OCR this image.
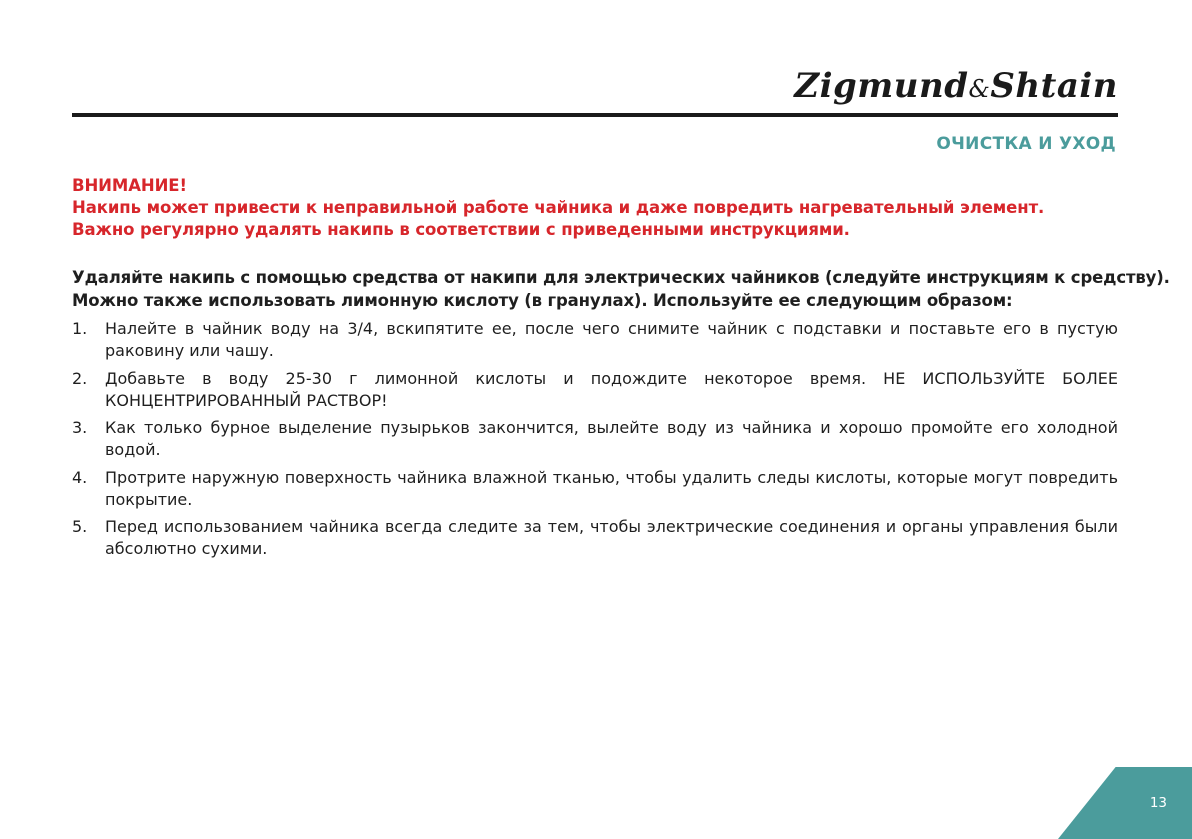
Zigmund&Shtain
ОЧИСТКА И УХОД
ВНИМАНИЕ!
Накипь может привести к неправильной работе чайника и даже повредить нагревательный элемент.
Важно регулярно удалять накипь в соответствии с приведенными инструкциями.
Удаляйте накипь с помощью средства от накипи для электрических чайников (следуйте инструкциям к средству).
Можно также использовать лимонную кислоту (в гранулах). Используйте ее следующим образом:
1. Налейте в чайник воду на 3/4, вскипятите ее, после чего снимите чайник с подставки и поставьте его в пустую раковину или чашу.
2. Добавьте в воду 25-30 г лимонной кислоты и подождите некоторое время. НЕ ИСПОЛЬЗУЙТЕ БОЛЕЕ КОНЦЕНТРИРОВАННЫЙ РАСТВОР!
3. Как только бурное выделение пузырьков закончится, вылейте воду из чайника и хорошо промойте его холодной водой.
4. Протрите наружную поверхность чайника влажной тканью, чтобы удалить следы кислоты, которые могут повредить покрытие.
5. Перед использованием чайника всегда следите за тем, чтобы электрические соединения и органы управления были абсолютно сухими.
13
